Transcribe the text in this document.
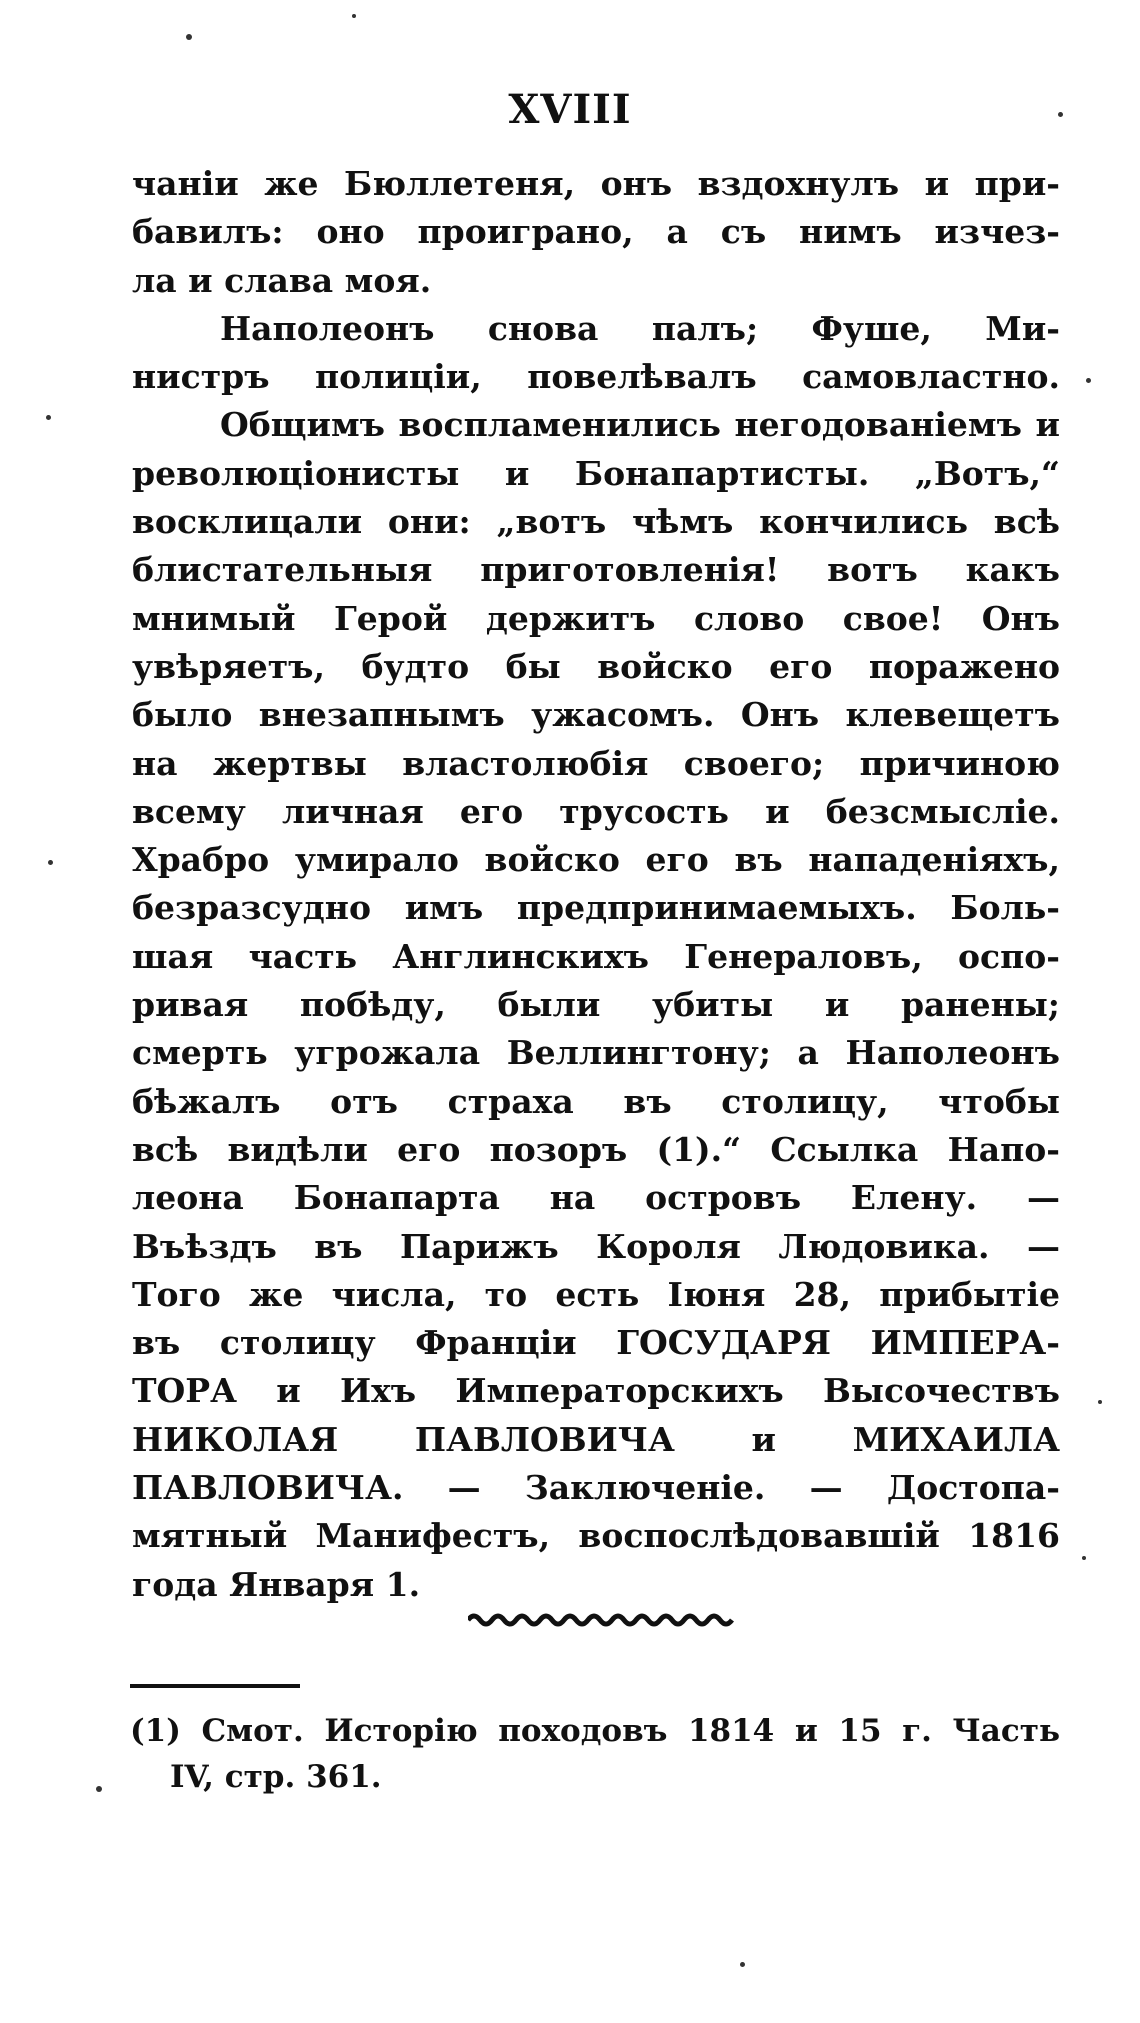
XVIII
чаніи же Бюллетеня, онъ вздохнулъ и при-
бавилъ: оно проиграно, а съ нимъ изчез-
ла и слава моя.
Наполеонъ снова палъ; Фуше, Ми-
нистръ полиціи, повелѣвалъ самовластно.
Общимъ воспламенились негодованіемъ и
революціонисты и Бонапартисты. „Вотъ,“
восклицали они: „вотъ чѣмъ кончились всѣ
блистательныя приготовленія! вотъ какъ
мнимый Герой держитъ слово свое! Онъ
увѣряетъ, будто бы войско его поражено
было внезапнымъ ужасомъ. Онъ клевещетъ
на жертвы властолюбія своего; причиною
всему личная его трусость и безсмысліе.
Храбро умирало войско его въ нападеніяхъ,
безразсудно имъ предпринимаемыхъ. Боль-
шая часть Англинскихъ Генераловъ, оспо-
ривая побѣду, были убиты и ранены;
смерть угрожала Веллингтону; а Наполеонъ
бѣжалъ отъ страха въ столицу, чтобы
всѣ видѣли его позоръ (1).“ Ссылка Напо-
леона Бонапарта на островъ Елену. —
Въѣздъ въ Парижъ Короля Людовика. —
Того же числа, то есть Іюня 28, прибытіе
въ столицу Франціи ГОСУДАРЯ ИМПЕРА-
ТОРА и Ихъ Императорскихъ Высочествъ
НИКОЛАЯ ПАВЛОВИЧА и МИХАИЛА
ПАВЛОВИЧА. — Заключеніе. — Достопа-
мятный Манифестъ, воспослѣдовавшій 1816
года Января 1.
(1) Смот. Исторію походовъ 1814 и 15 г. Часть
IV, стр. 361.
